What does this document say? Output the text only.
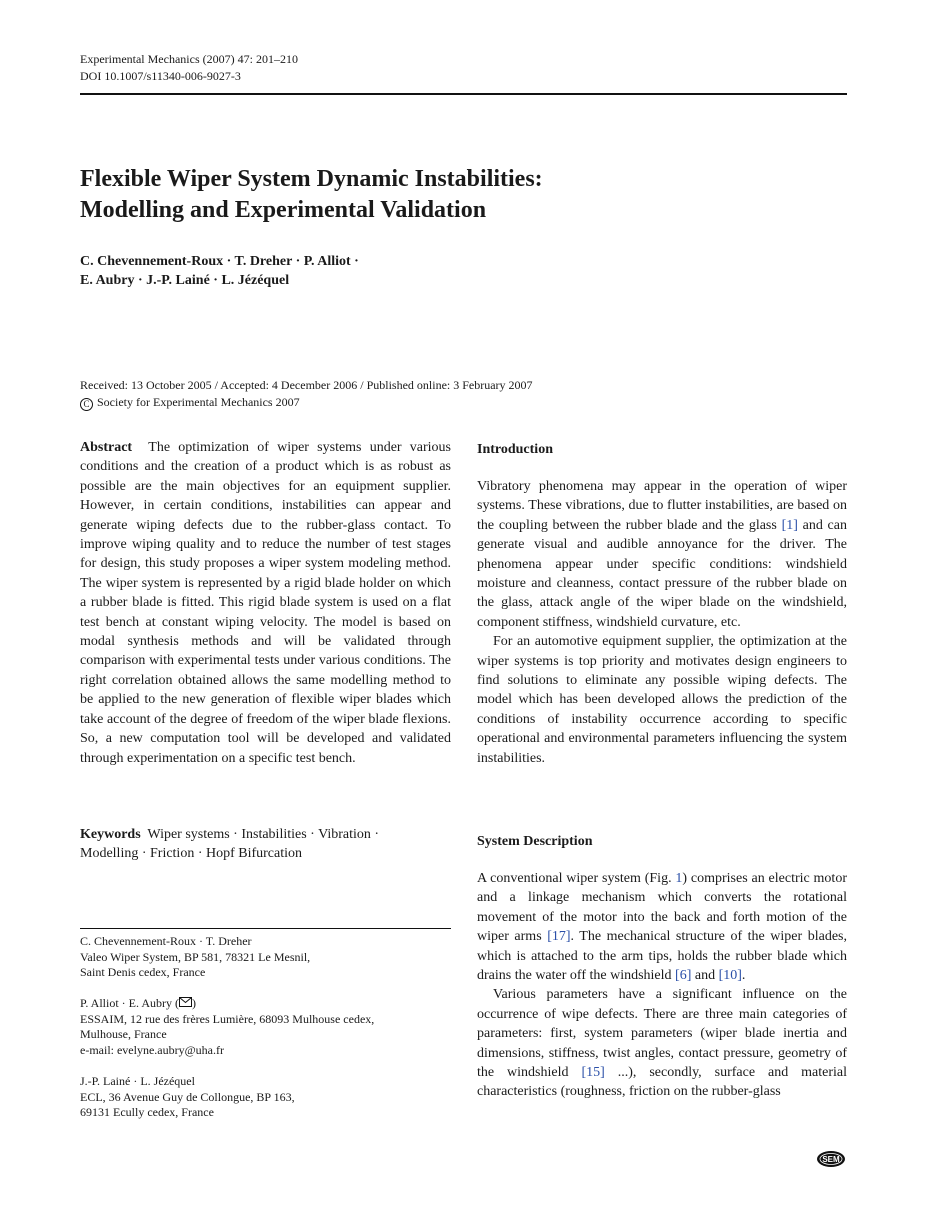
Experimental Mechanics (2007) 47: 201–210
DOI 10.1007/s11340-006-9027-3
Flexible Wiper System Dynamic Instabilities:
Modelling and Experimental Validation
C. Chevennement-Roux · T. Dreher · P. Alliot ·
E. Aubry · J.-P. Lainé · L. Jézéquel
Received: 13 October 2005 / Accepted: 4 December 2006 / Published online: 3 February 2007
C Society for Experimental Mechanics 2007

Abstract The optimization of wiper systems under various conditions and the creation of a product which is as robust as possible are the main objectives for an equipment supplier. However, in certain conditions, instabilities can appear and generate wiping defects due to the rubber-glass contact. To improve wiping quality and to reduce the number of test stages for design, this study proposes a wiper system modeling method. The wiper system is represented by a rigid blade holder on which a rubber blade is fitted. This rigid blade system is used on a flat test bench at constant wiping velocity. The model is based on modal synthesis methods and will be validated through comparison with experimental tests under various conditions. The right correlation obtained allows the same modelling method to be applied to the new generation of flexible wiper blades which take account of the degree of freedom of the wiper blade flexions. So, a new computation tool will be developed and validated through experimentation on a specific test bench.

Keywords Wiper systems · Instabilities · Vibration ·
Modelling · Friction · Hopf Bifurcation
C. Chevennement-Roux · T. Dreher
Valeo Wiper System, BP 581, 78321 Le Mesnil,
Saint Denis cedex, France
P. Alliot · E. Aubry ( )
ESSAIM, 12 rue des frères Lumière, 68093 Mulhouse cedex,
Mulhouse, France
e-mail: evelyne.aubry@uha.fr
J.-P. Lainé · L. Jézéquel
ECL, 36 Avenue Guy de Collongue, BP 163,
69131 Ecully cedex, France
Introduction

Vibratory phenomena may appear in the operation of wiper systems. These vibrations, due to flutter instabilities, are based on the coupling between the rubber blade and the glass [1] and can generate visual and audible annoyance for the driver. The phenomena appear under specific conditions: windshield moisture and cleanness, contact pressure of the rubber blade on the glass, attack angle of the wiper blade on the windshield, component stiffness, windshield curvature, etc.

For an automotive equipment supplier, the optimization at the wiper systems is top priority and motivates design engineers to find solutions to eliminate any possible wiping defects. The model which has been developed allows the prediction of the conditions of instability occurrence according to specific operational and environmental parameters influencing the system instabilities.

System Description

A conventional wiper system (Fig. 1) comprises an electric motor and a linkage mechanism which converts the rotational movement of the motor into the back and forth motion of the wiper arms [17]. The mechanical structure of the wiper blades, which is attached to the arm tips, holds the rubber blade which drains the water off the windshield [6] and [10].

Various parameters have a significant influence on the occurrence of wipe defects. There are three main categories of parameters: first, system parameters (wiper blade inertia and dimensions, stiffness, twist angles, contact pressure, geometry of the windshield [15] ...), secondly, surface and material characteristics (roughness, friction on the rubber-glass

SEM
